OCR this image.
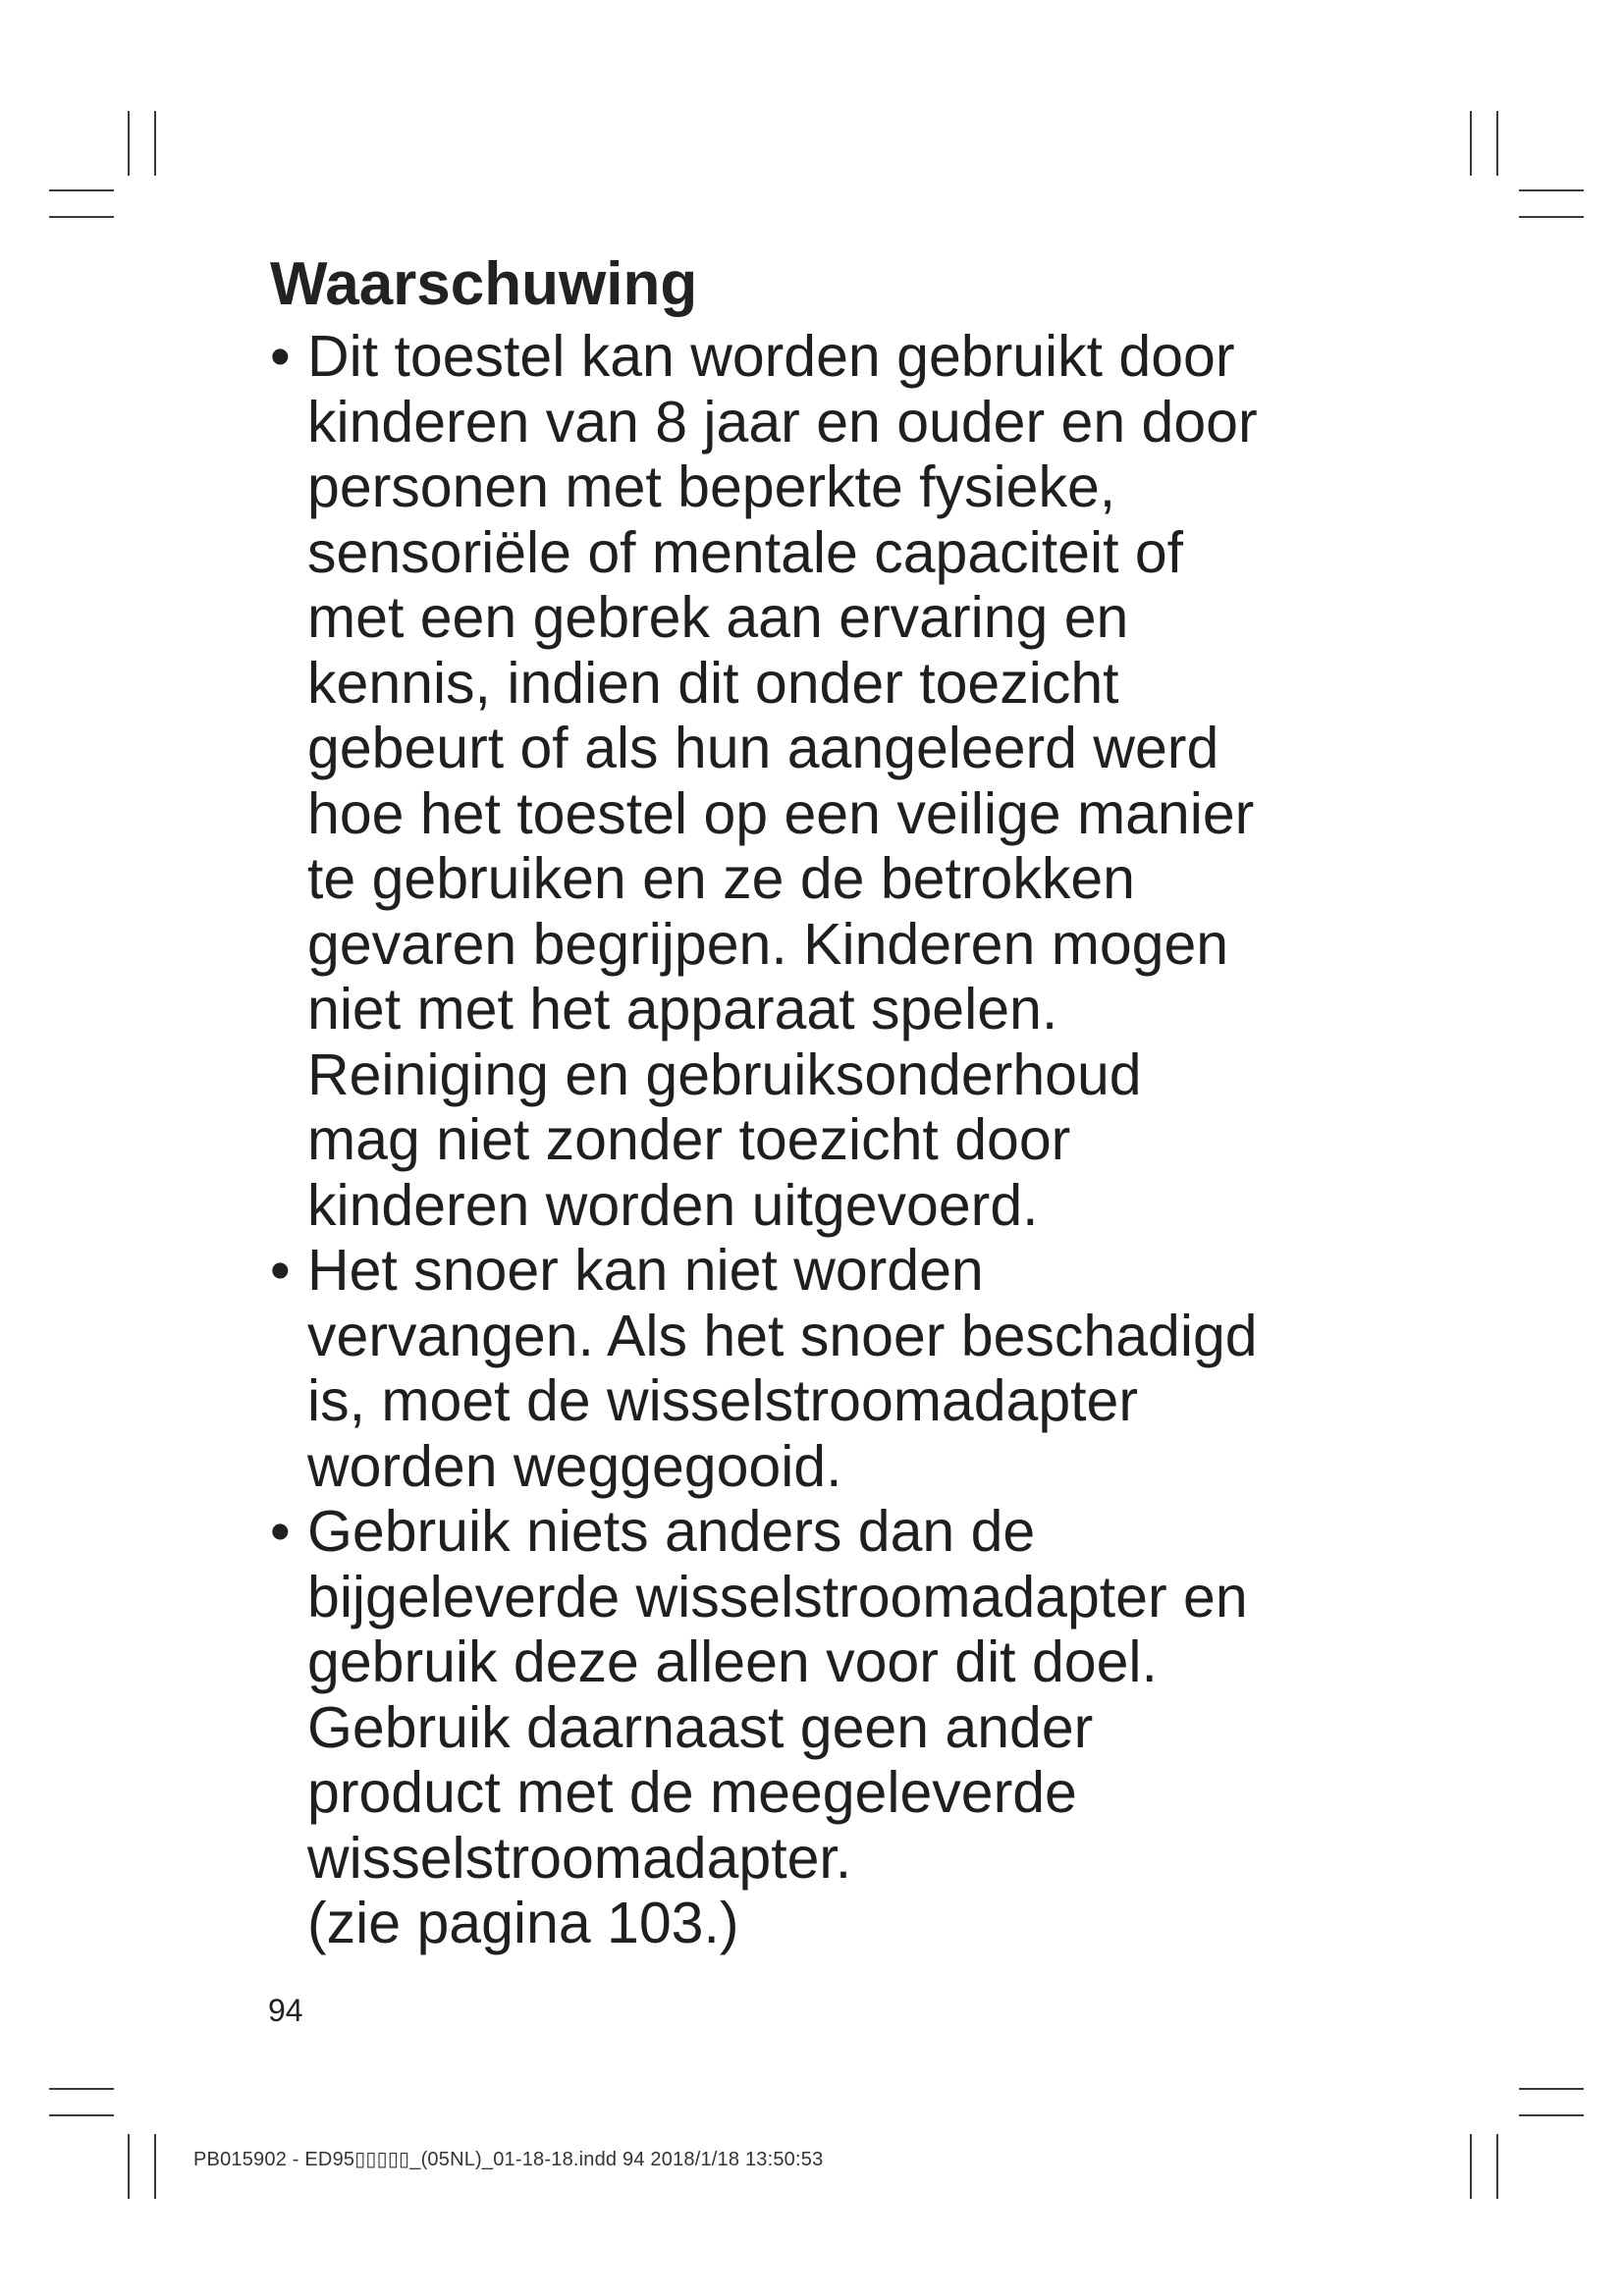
Waarschuwing
• Dit toestel kan worden gebruikt door
kinderen van 8 jaar en ouder en door
personen met beperkte fysieke,
sensoriële of mentale capaciteit of
met een gebrek aan ervaring en
kennis, indien dit onder toezicht
gebeurt of als hun aangeleerd werd
hoe het toestel op een veilige manier
te gebruiken en ze de betrokken
gevaren begrijpen. Kinderen mogen
niet met het apparaat spelen.
Reiniging en gebruiksonderhoud
mag niet zonder toezicht door
kinderen worden uitgevoerd.
• Het snoer kan niet worden
vervangen. Als het snoer beschadigd
is, moet de wisselstroomadapter
worden weggegooid.
• Gebruik niets anders dan de
bijgeleverde wisselstroomadapter en
gebruik deze alleen voor dit doel.
Gebruik daarnaast geen ander
product met de meegeleverde
wisselstroomadapter.
(zie pagina 103.)
94
PB015902 - ED95▯▯▯▯▯_(05NL)_01-18-18.indd 94 2018/1/18 13:50:53
